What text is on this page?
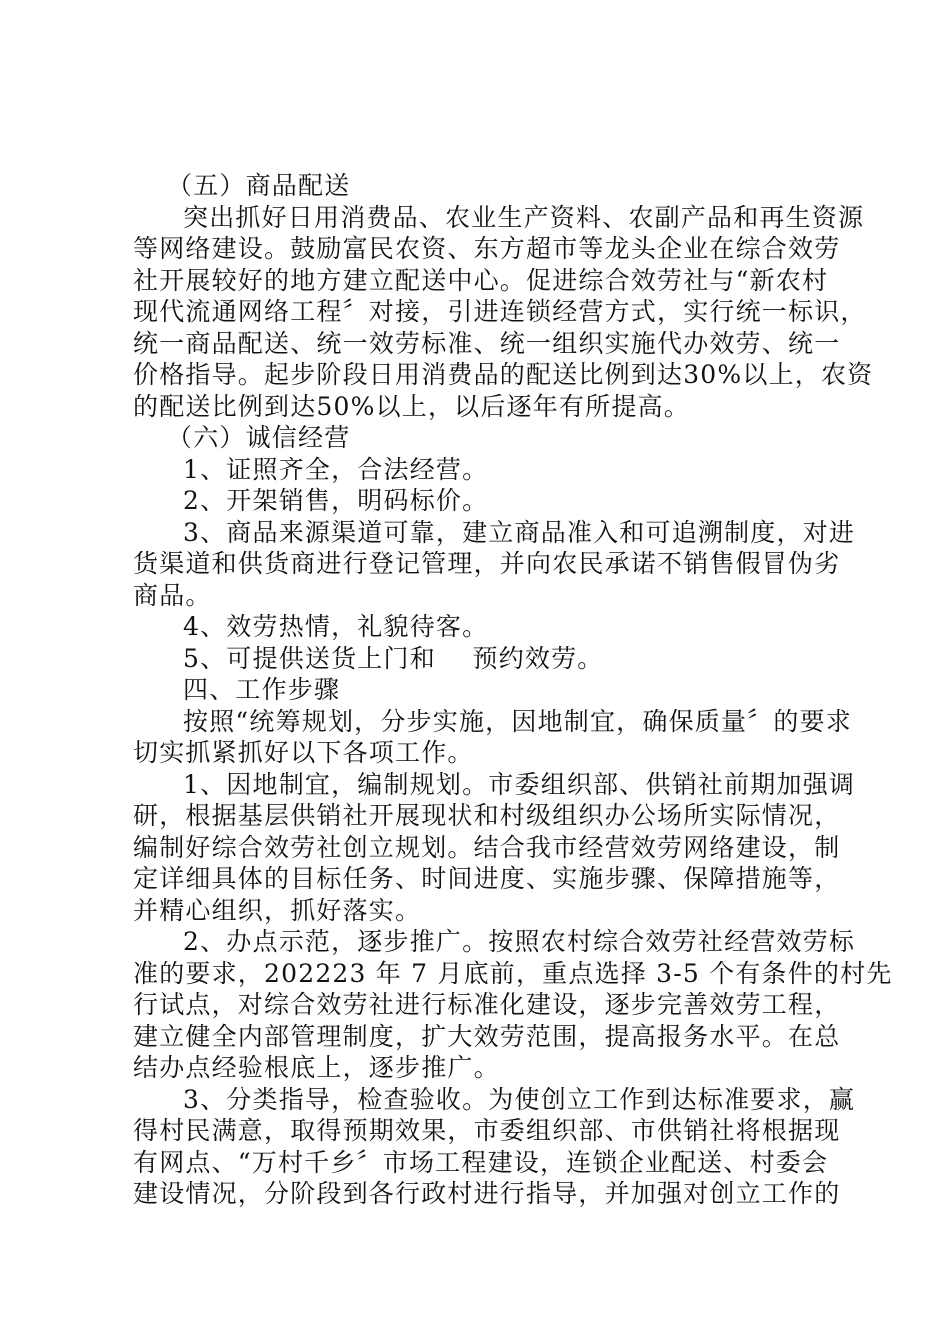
（五）商品配送
突出抓好日用消费品、农业生产资料、农副产品和再生资源
等网络建设。鼓励富民农资、东方超市等龙头企业在综合效劳
社开展较好的地方建立配送中心。促进综合效劳社与“新农村
现代流通网络工程〞对接，引进连锁经营方式，实行统一标识，
统一商品配送、统一效劳标准、统一组织实施代办效劳、统一
价格指导。起步阶段日用消费品的配送比例到达30%以上，农资
的配送比例到达50%以上，以后逐年有所提高。
（六）诚信经营
1、证照齐全，合法经营。
2、开架销售，明码标价。
3、商品来源渠道可靠，建立商品准入和可追溯制度，对进
货渠道和供货商进行登记管理，并向农民承诺不销售假冒伪劣
商品。
4、效劳热情，礼貌待客。
5、可提供送货上门和    预约效劳。
四、工作步骤
按照“统筹规划，分步实施，因地制宜，确保质量〞的要求
切实抓紧抓好以下各项工作。
1、因地制宜，编制规划。市委组织部、供销社前期加强调
研，根据基层供销社开展现状和村级组织办公场所实际情况，
编制好综合效劳社创立规划。结合我市经营效劳网络建设，制
定详细具体的目标任务、时间进度、实施步骤、保障措施等，
并精心组织，抓好落实。
2、办点示范，逐步推广。按照农村综合效劳社经营效劳标
准的要求，202223 年 7 月底前，重点选择 3-5 个有条件的村先
行试点，对综合效劳社进行标准化建设，逐步完善效劳工程，
建立健全内部管理制度，扩大效劳范围，提高报务水平。在总
结办点经验根底上，逐步推广。
3、分类指导，检查验收。为使创立工作到达标准要求，赢
得村民满意，取得预期效果，市委组织部、市供销社将根据现
有网点、“万村千乡〞市场工程建设，连锁企业配送、村委会
建设情况，分阶段到各行政村进行指导，并加强对创立工作的
